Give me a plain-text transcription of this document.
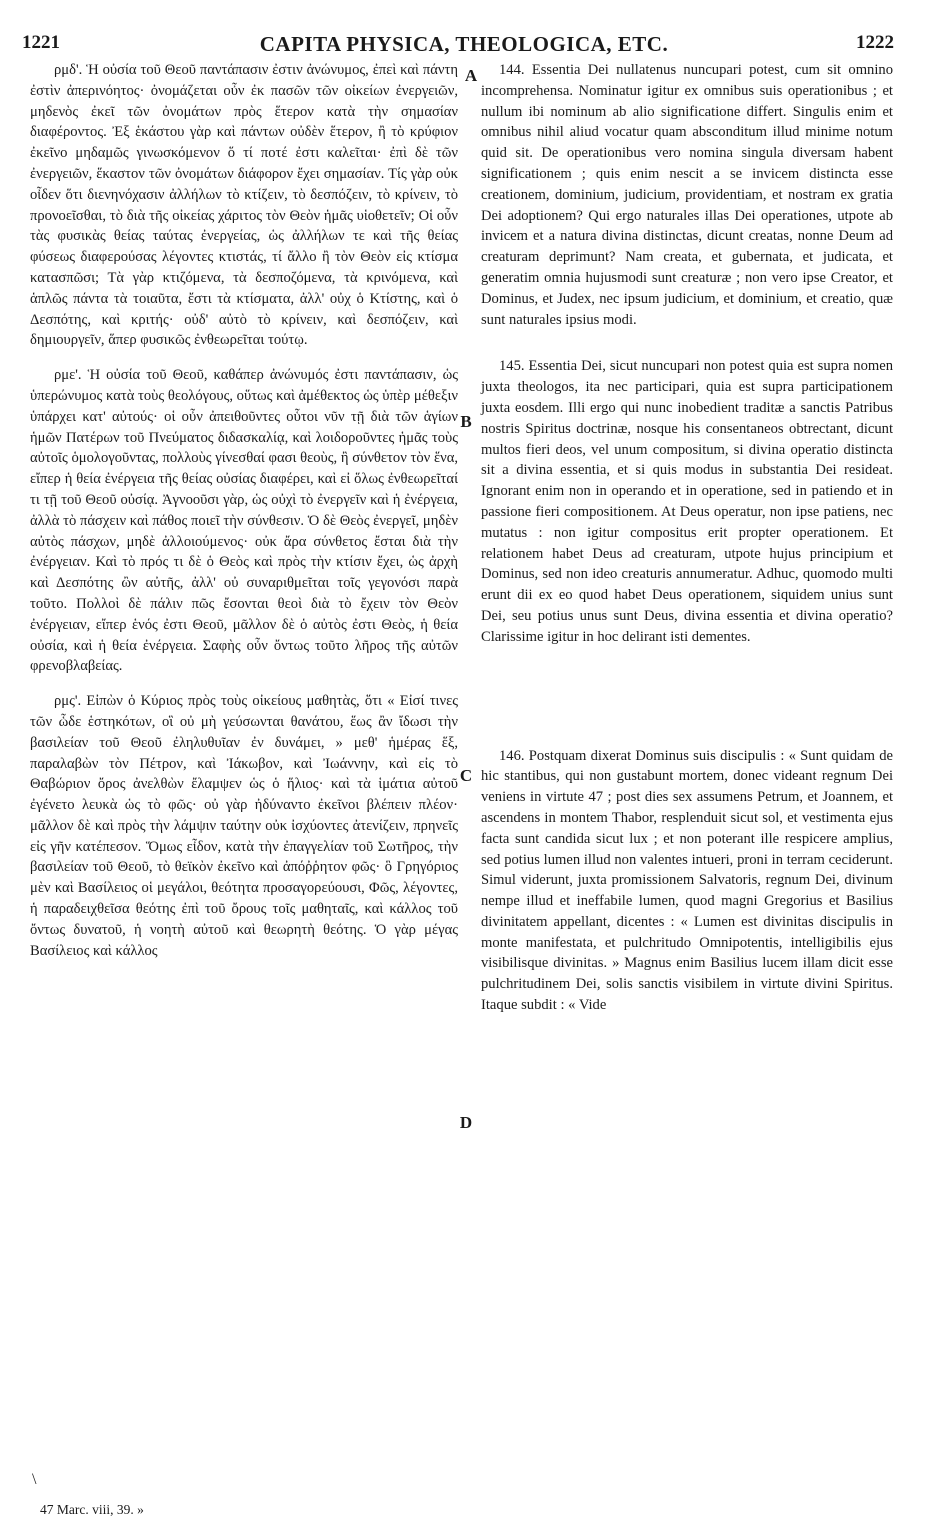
1221	CAPITA PHYSICA, THEOLOGICA, ETC.	1222

ρμδ'. Ἡ οὐσία τοῦ Θεοῦ παντάπασιν ἐστιν ἀνώνυμος, ἐπεὶ καὶ πάντη ἐστὶν ἀπερινόητος· ὀνομάζεται οὖν ἐκ πασῶν τῶν οἰκείων ἐνεργειῶν, μηδενὸς ἐκεῖ τῶν ὀνομάτων πρὸς ἕτερον κατὰ τὴν σημασίαν διαφέροντος. Ἐξ ἑκάστου γὰρ καὶ πάντων οὐδὲν ἕτερον, ἢ τὸ κρύφιον ἐκεῖνο μηδαμῶς γινωσκόμενον ὅ τί ποτέ ἐστι καλεῖται· ἐπὶ δὲ τῶν ἐνεργειῶν, ἕκαστον τῶν ὀνομάτων διάφορον ἔχει σημασίαν. Τίς γὰρ οὐκ οἶδεν ὅτι διενηνόχασιν ἀλλήλων τὸ κτίζειν, τὸ δεσπόζειν, τὸ κρίνειν, τὸ προνοεῖσθαι, τὸ διὰ τῆς οἰκείας χάριτος τὸν Θεὸν ἡμᾶς υἱοθετεῖν; Οἱ οὖν τὰς φυσικὰς θείας ταύτας ἐνεργείας, ὡς ἀλλήλων τε καὶ τῆς θείας φύσεως διαφερούσας λέγοντες κτιστάς, τί ἄλλο ἢ τὸν Θεὸν εἰς κτίσμα κατασπῶσι; Τὰ γὰρ κτιζόμενα, τὰ δεσποζόμενα, τὰ κρινόμενα, καὶ ἁπλῶς πάντα τὰ τοιαῦτα, ἔστι τὰ κτίσματα, ἀλλ' οὐχ ὁ Κτίστης, καὶ ὁ Δεσπότης, καὶ κριτής· οὐδ' αὐτὸ τὸ κρίνειν, καὶ δεσπόζειν, καὶ δημιουργεῖν, ἅπερ φυσικῶς ἐνθεωρεῖται τούτῳ.

ρμε'. Ἡ οὐσία τοῦ Θεοῦ, καθάπερ ἀνώνυμός ἐστι παντάπασιν, ὡς ὑπερώνυμος κατὰ τοὺς θεολόγους, οὕτως καὶ ἀμέθεκτος ὡς ὑπὲρ μέθεξιν ὑπάρχει κατ' αὐτούς· οἱ οὖν ἀπειθοῦντες οὗτοι νῦν τῇ διὰ τῶν ἁγίων ἡμῶν Πατέρων τοῦ Πνεύματος διδασκαλίᾳ, καὶ λοιδοροῦντες ἡμᾶς τοὺς αὐτοῖς ὁμολογοῦντας, πολλοὺς γίνεσθαί φασι θεοὺς, ἢ σύνθετον τὸν ἕνα, εἴπερ ἡ θεία ἐνέργεια τῆς θείας οὐσίας διαφέρει, καὶ εἰ ὅλως ἐνθεωρεῖταί τι τῇ τοῦ Θεοῦ οὐσίᾳ. Ἀγνοοῦσι γὰρ, ὡς οὐχὶ τὸ ἐνεργεῖν καὶ ἡ ἐνέργεια, ἀλλὰ τὸ πάσχειν καὶ πάθος ποιεῖ τὴν σύνθεσιν. Ὁ δὲ Θεὸς ἐνεργεῖ, μηδὲν αὐτὸς πάσχων, μηδὲ ἀλλοιούμενος· οὐκ ἄρα σύνθετος ἔσται διὰ τὴν ἐνέργειαν. Καὶ τὸ πρός τι δὲ ὁ Θεὸς καὶ πρὸς τὴν κτίσιν ἔχει, ὡς ἀρχὴ καὶ Δεσπότης ὢν αὐτῆς, ἀλλ' οὐ συναριθμεῖται τοῖς γεγονόσι παρὰ τοῦτο. Πολλοὶ δὲ πάλιν πῶς ἔσονται θεοὶ διὰ τὸ ἔχειν τὸν Θεὸν ἐνέργειαν, εἴπερ ἑνός ἐστι Θεοῦ, μᾶλλον δὲ ὁ αὐτὸς ἐστι Θεὸς, ἡ θεία οὐσία, καὶ ἡ θεία ἐνέργεια. Σαφὴς οὖν ὄντως τοῦτο λῆρος τῆς αὐτῶν φρενοβλαβείας.

ρμς'. Εἰπὼν ὁ Κύριος πρὸς τοὺς οἰκείους μαθητὰς, ὅτι « Εἰσί τινες τῶν ὧδε ἑστηκότων, οἳ οὐ μὴ γεύσωνται θανάτου, ἕως ἂν ἴδωσι τὴν βασιλείαν τοῦ Θεοῦ ἐληλυθυῖαν ἐν δυνάμει, » μεθ' ἡμέρας ἕξ, παραλαβὼν τὸν Πέτρον, καὶ Ἰάκωβον, καὶ Ἰωάννην, καὶ εἰς τὸ Θαβώριον ὄρος ἀνελθὼν ἔλαμψεν ὡς ὁ ἥλιος· καὶ τὰ ἱμάτια αὐτοῦ ἐγένετο λευκὰ ὡς τὸ φῶς· οὐ γὰρ ἠδύναντο ἐκεῖνοι βλέπειν πλέον· μᾶλλον δὲ καὶ πρὸς τὴν λάμψιν ταύτην οὐκ ἰσχύοντες ἀτενίζειν, πρηνεῖς εἰς γῆν κατέπεσον. Ὅμως εἶδον, κατὰ τὴν ἐπαγγελίαν τοῦ Σωτῆρος, τὴν βασιλείαν τοῦ Θεοῦ, τὸ θεϊκὸν ἐκεῖνο καὶ ἀπόῤῥητον φῶς· ὃ Γρηγόριος μὲν καὶ Βασίλειος οἱ μεγάλοι, θεότητα προσαγορεύουσι, Φῶς, λέγοντες, ἡ παραδειχθεῖσα θεότης ἐπὶ τοῦ ὄρους τοῖς μαθηταῖς, καὶ κάλλος τοῦ ὄντως δυνατοῦ, ἡ νοητὴ αὐτοῦ καὶ θεωρητὴ θεότης. Ὁ γὰρ μέγας Βασίλειος καὶ κάλλος

144. Essentia Dei nullatenus nuncupari potest, cum sit omnino incomprehensa. Nominatur igitur ex omnibus suis operationibus ; et nullum ibi nominum ab alio significatione differt. Singulis enim et omnibus nihil aliud vocatur quam absconditum illud minime notum quid sit. De operationibus vero nomina singula diversam habent significationem ; quis enim nescit a se invicem distincta esse creationem, dominium, judicium, providentiam, et nostram ex gratia Dei adoptionem? Qui ergo naturales illas Dei operationes, utpote ab invicem et a natura divina distinctas, dicunt creatas, nonne Deum ad creaturam deprimunt? Nam creata, et gubernata, et judicata, et generatim omnia hujusmodi sunt creaturæ ; non vero ipse Creator, et Dominus, et Judex, nec ipsum judicium, et dominium, et creatio, quæ sunt naturales ipsius modi.

145. Essentia Dei, sicut nuncupari non potest quia est supra nomen juxta theologos, ita nec participari, quia est supra participationem juxta eosdem. Illi ergo qui nunc inobedient traditæ a sanctis Patribus nostris Spiritus doctrinæ, nosque his consentaneos obtrectant, dicunt multos fieri deos, vel unum compositum, si divina operatio distincta sit a divina essentia, et si quis modus in substantia Dei resideat. Ignorant enim non in operando et in operatione, sed in patiendo et in passione fieri compositionem. At Deus operatur, non ipse patiens, nec mutatus : non igitur compositus erit propter operationem. Et relationem habet Deus ad creaturam, utpote hujus principium et Dominus, sed non ideo creaturis annumeratur. Adhuc, quomodo multi erunt dii ex eo quod habet Deus operationem, siquidem unius sunt Dei, seu potius unus sunt Deus, divina essentia et divina operatio? Clarissime igitur in hoc delirant isti dementes.

146. Postquam dixerat Dominus suis discipulis : « Sunt quidam de hic stantibus, qui non gustabunt mortem, donec videant regnum Dei veniens in virtute 47 ; post dies sex assumens Petrum, et Joannem, et ascendens in montem Thabor, resplenduit sicut sol, et vestimenta ejus facta sunt candida sicut lux ; et non poterant ille respicere amplius, sed potius lumen illud non valentes intueri, proni in terram ceciderunt. Simul viderunt, juxta promissionem Salvatoris, regnum Dei, divinum nempe illud et ineffabile lumen, quod magni Gregorius et Basilius divinitatem appellant, dicentes : « Lumen est divinitas discipulis in monte manifestata, et pulchritudo Omnipotentis, intelligibilis ejus visibilisque divinitas. » Magnus enim Basilius lucem illam dicit esse pulchritudinem Dei, solis sanctis visibilem in virtute divini Spiritus. Itaque subdit : « Vide

A
B
C
D
\
47 Marc. viii, 39. »
